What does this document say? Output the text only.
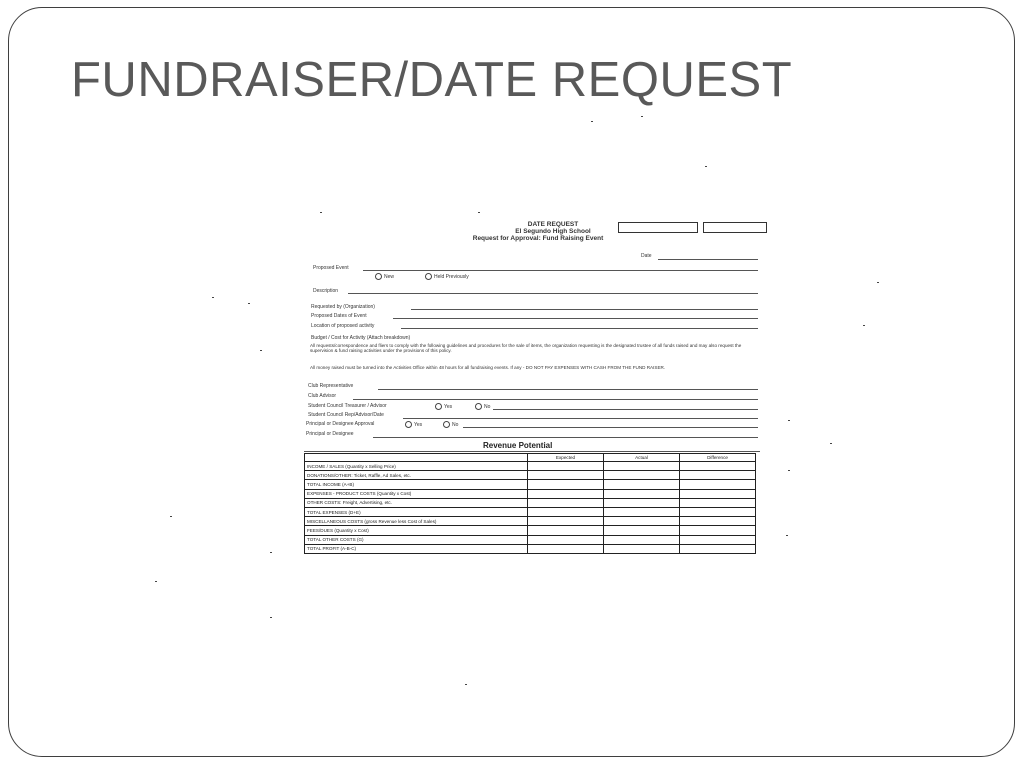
FUNDRAISER/DATE REQUEST
DATE REQUEST
El Segundo High School
Request for Approval: Fund Raising Event
Date
Proposed Event
New	Held Previously
Description
Requested by (Organization)
Proposed Dates of Event
Location of proposed activity
Budget / Cost for Activity (Attach breakdown)
All requests/correspondence and fliers to comply with the following guidelines and procedures for the sale of items, the organization requesting is the designated trustee of all funds raised and may also request the supervision & fund raising activities under the provisions of this policy.
All money raised must be turned into the Activities Office within 48 hours for all fundraising events. If any - DO NOT PAY EXPENSES WITH CASH FROM THE FUND RAISER.
Club Representative
Club Advisor
Student Council Treasurer / Advisor	Yes	No
Student Council Rep/Advisor/Date
Principal or Designee Approval	Yes	No
Principal or Designee
Revenue Potential
	Expected	Actual	Difference
INCOME / SALES (Quantity x Selling Price)			
DONATIONS/OTHER: Ticket, Raffle, Ad Sales, etc.			
TOTAL INCOME (A+B)			
EXPENSES - PRODUCT COSTS (Quantity x Cost)			
OTHER COSTS: Freight, Advertising, etc.			
TOTAL EXPENSES (D+E)			
MISCELLANEOUS COSTS (gross Revenue less Cost of Sales)			
FEES/DUES (Quantity x Cost)			
TOTAL OTHER COSTS (G)			
TOTAL PROFIT (A-B-C)			
